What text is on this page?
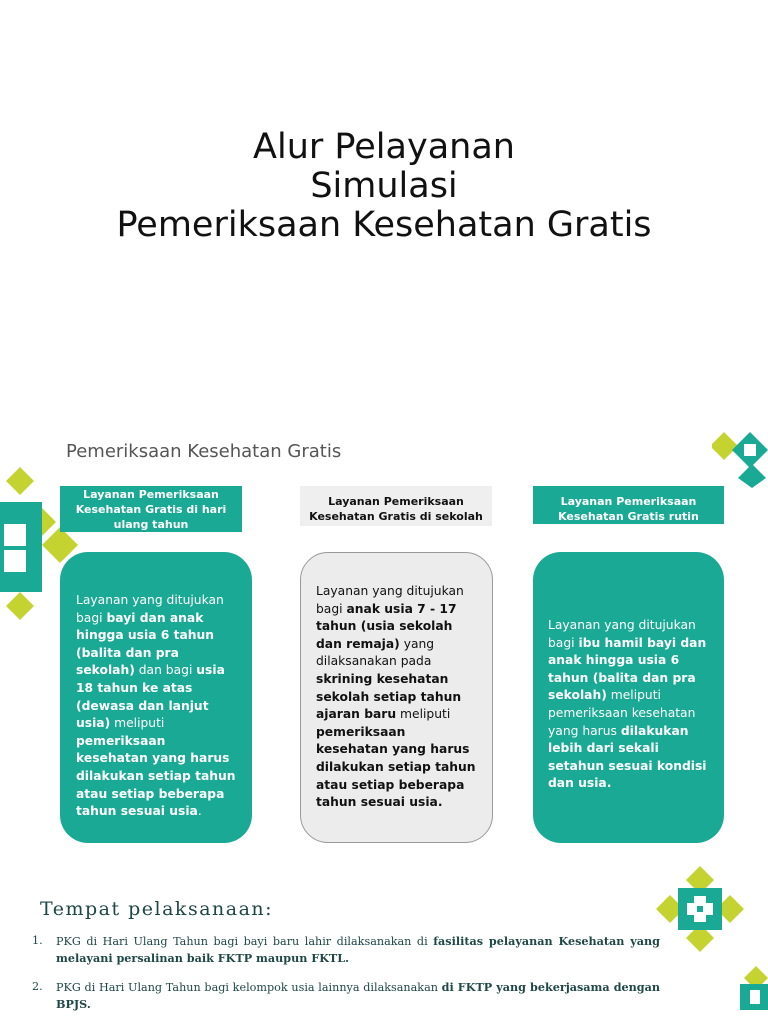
Alur Pelayanan
Simulasi
Pemeriksaan Kesehatan Gratis
Pemeriksaan Kesehatan Gratis
Layanan Pemeriksaan Kesehatan Gratis di hari ulang tahun
Layanan yang ditujukan bagi bayi dan anak hingga usia 6 tahun (balita dan pra sekolah) dan bagi usia 18 tahun ke atas (dewasa dan lanjut usia) meliputi pemeriksaan kesehatan yang harus dilakukan setiap tahun atau setiap beberapa tahun sesuai usia.
Layanan Pemeriksaan Kesehatan Gratis di sekolah
Layanan yang ditujukan bagi anak usia 7 - 17 tahun (usia sekolah dan remaja) yang dilaksanakan pada skrining kesehatan sekolah setiap tahun ajaran baru meliputi pemeriksaan kesehatan yang harus dilakukan setiap tahun atau setiap beberapa tahun sesuai usia.
Layanan Pemeriksaan Kesehatan Gratis rutin
Layanan yang ditujukan bagi ibu hamil bayi dan anak hingga usia 6 tahun (balita dan pra sekolah) meliputi pemeriksaan kesehatan yang harus dilakukan lebih dari sekali setahun sesuai kondisi dan usia.
Tempat pelaksanaan:
1. PKG di Hari Ulang Tahun bagi bayi baru lahir dilaksanakan di fasilitas pelayanan Kesehatan yang melayani persalinan baik FKTP maupun FKTL.
2. PKG di Hari Ulang Tahun bagi kelompok usia lainnya dilaksanakan di FKTP yang bekerjasama dengan BPJS.
